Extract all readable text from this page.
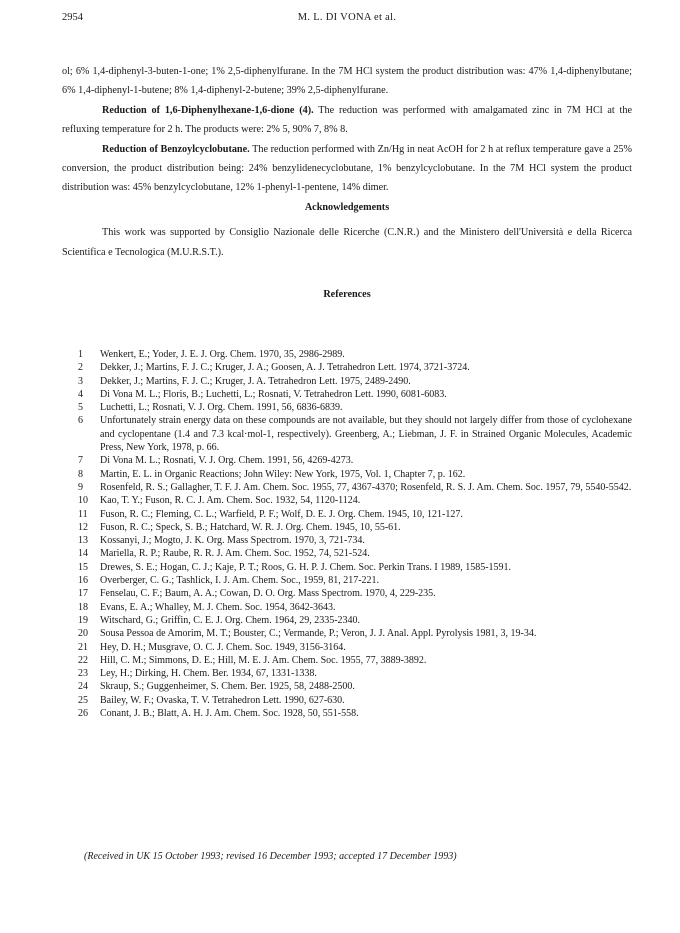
2954	M. L. DI VONA et al.

ol; 6% 1,4-diphenyl-3-buten-1-one; 1% 2,5-diphenylfurane. In the 7M HCl system the product distribution was: 47% 1,4-diphenylbutane; 6% 1,4-diphenyl-1-butene; 8% 1,4-diphenyl-2-butene; 39% 2,5-diphenylfurane.

Reduction of 1,6-Diphenylhexane-1,6-dione (4). The reduction was performed with amalgamated zinc in 7M HCl at the refluxing temperature for 2 h. The products were: 2% 5, 90% 7, 8% 8.

Reduction of Benzoylcyclobutane. The reduction performed with Zn/Hg in neat AcOH for 2 h at reflux temperature gave a 25% conversion, the product distribution being: 24% benzylidenecyclobutane, 1% benzylcyclobutane. In the 7M HCl system the product distribution was: 45% benzylcyclobutane, 12% 1-phenyl-1-pentene, 14% dimer.

Acknowledgements

This work was supported by Consiglio Nazionale delle Ricerche (C.N.R.) and the Ministero dell'Università e della Ricerca Scientifica e Tecnologica (M.U.R.S.T.).

References

1	Wenkert, E.; Yoder, J. E. J. Org. Chem. 1970, 35, 2986-2989.
2	Dekker, J.; Martins, F. J. C.; Kruger, J. A.; Goosen, A. J. Tetrahedron Lett. 1974, 3721-3724.
3	Dekker, J.; Martins, F. J. C.; Kruger, J. A. Tetrahedron Lett. 1975, 2489-2490.
4	Di Vona M. L.; Floris, B.; Luchetti, L.; Rosnati, V. Tetrahedron Lett. 1990, 6081-6083.
5	Luchetti, L.; Rosnati, V. J. Org. Chem. 1991, 56, 6836-6839.
6	Unfortunately strain energy data on these compounds are not available, but they should not largely differ from those of cyclohexane and cyclopentane (1.4 and 7.3 kcal·mol-1, respectively). Greenberg, A.; Liebman, J. F. in Strained Organic Molecules, Academic Press, New York, 1978, p. 66.
7	Di Vona M. L.; Rosnati, V. J. Org. Chem. 1991, 56, 4269-4273.
8	Martin, E. L. in Organic Reactions; John Wiley: New York, 1975, Vol. 1, Chapter 7, p. 162.
9	Rosenfeld, R. S.; Gallagher, T. F. J. Am. Chem. Soc. 1955, 77, 4367-4370; Rosenfeld, R. S. J. Am. Chem. Soc. 1957, 79, 5540-5542.
10	Kao, T. Y.; Fuson, R. C. J. Am. Chem. Soc. 1932, 54, 1120-1124.
11	Fuson, R. C.; Fleming, C. L.; Warfield, P. F.; Wolf, D. E. J. Org. Chem. 1945, 10, 121-127.
12	Fuson, R. C.; Speck, S. B.; Hatchard, W. R. J. Org. Chem. 1945, 10, 55-61.
13	Kossanyi, J.; Mogto, J. K. Org. Mass Spectrom. 1970, 3, 721-734.
14	Mariella, R. P.; Raube, R. R. J. Am. Chem. Soc. 1952, 74, 521-524.
15	Drewes, S. E.; Hogan, C. J.; Kaje, P. T.; Roos, G. H. P. J. Chem. Soc. Perkin Trans. I 1989, 1585-1591.
16	Overberger, C. G.; Tashlick, I. J. Am. Chem. Soc., 1959, 81, 217-221.
17	Fenselau, C. F.; Baum, A. A.; Cowan, D. O. Org. Mass Spectrom. 1970, 4, 229-235.
18	Evans, E. A.; Whalley, M. J. Chem. Soc. 1954, 3642-3643.
19	Witschard, G.; Griffin, C. E. J. Org. Chem. 1964, 29, 2335-2340.
20	Sousa Pessoa de Amorim, M. T.; Bouster, C.; Vermande, P.; Veron, J. J. Anal. Appl. Pyrolysis 1981, 3, 19-34.
21	Hey, D. H.; Musgrave, O. C. J. Chem. Soc. 1949, 3156-3164.
22	Hill, C. M.; Simmons, D. E.; Hill, M. E. J. Am. Chem. Soc. 1955, 77, 3889-3892.
23	Ley, H.; Dirking, H. Chem. Ber. 1934, 67, 1331-1338.
24	Skraup, S.; Guggenheimer, S. Chem. Ber. 1925, 58, 2488-2500.
25	Bailey, W. F.; Ovaska, T. V. Tetrahedron Lett. 1990, 627-630.
26	Conant, J. B.; Blatt, A. H. J. Am. Chem. Soc. 1928, 50, 551-558.
(Received in UK 15 October 1993; revised 16 December 1993; accepted 17 December 1993)
